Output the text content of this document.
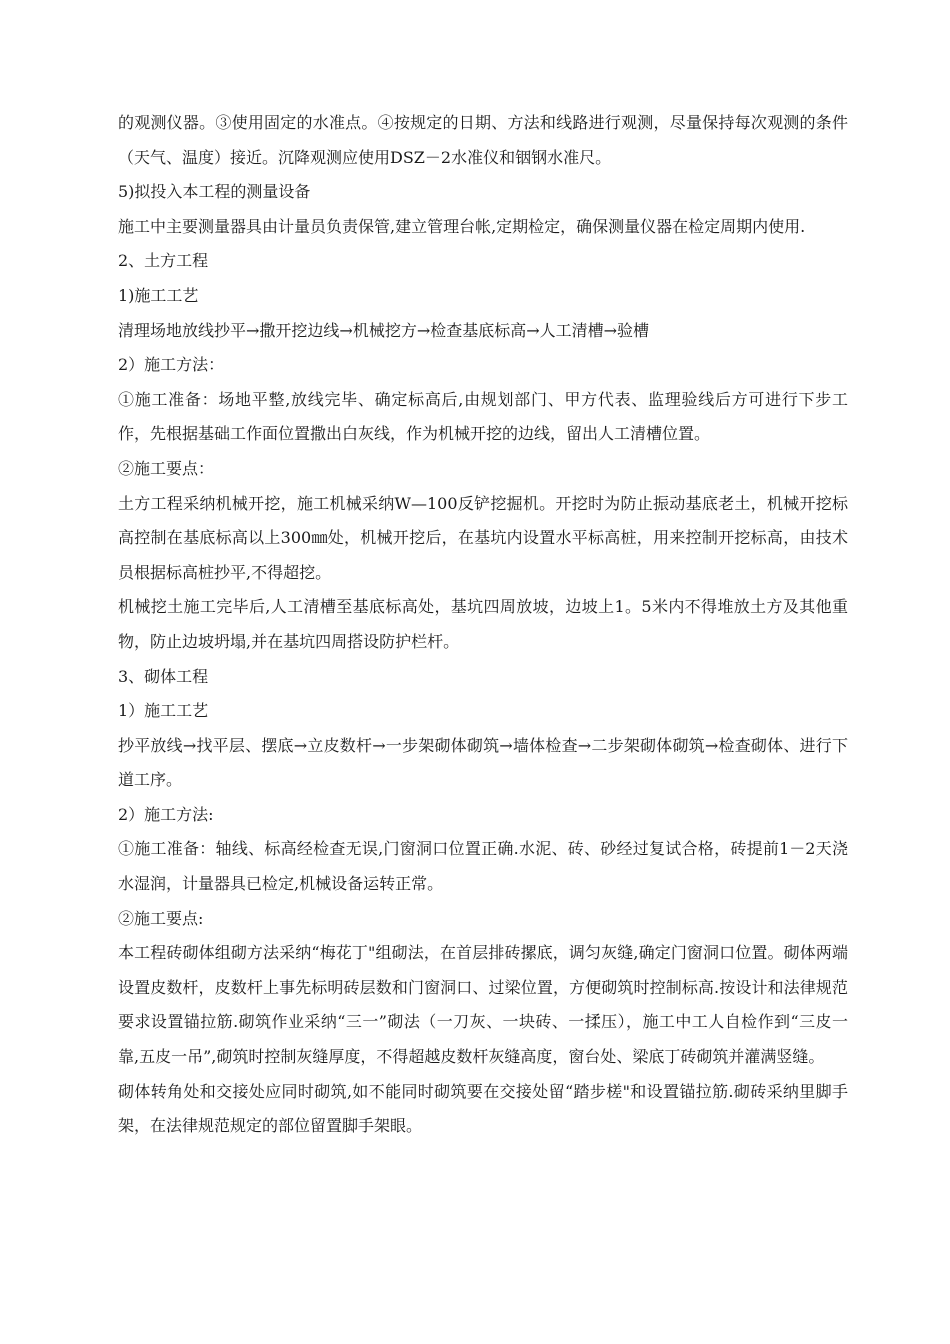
的观测仪器。③使用固定的水准点。④按规定的日期、方法和线路进行观测，尽量保持每次观测的条件（天气、温度）接近。沉降观测应使用DSZ－2水准仪和铟钢水准尺。

5)拟投入本工程的测量设备

施工中主要测量器具由计量员负责保管,建立管理台帐,定期检定，确保测量仪器在检定周期内使用.

2、土方工程

1)施工工艺

清理场地放线抄平→撒开挖边线→机械挖方→检查基底标高→人工清槽→验槽

2）施工方法：

①施工准备：场地平整,放线完毕、确定标高后,由规划部门、甲方代表、监理验线后方可进行下步工作，先根据基础工作面位置撒出白灰线，作为机械开挖的边线，留出人工清槽位置。

②施工要点：

土方工程采纳机械开挖，施工机械采纳W—100反铲挖掘机。开挖时为防止振动基底老土，机械开挖标高控制在基底标高以上300㎜处，机械开挖后，在基坑内设置水平标高桩，用来控制开挖标高，由技术员根据标高桩抄平,不得超挖。

机械挖土施工完毕后,人工清槽至基底标高处，基坑四周放坡，边坡上1。5米内不得堆放土方及其他重物，防止边坡坍塌,并在基坑四周搭设防护栏杆。

3、砌体工程

1）施工工艺

抄平放线→找平层、摆底→立皮数杆→一步架砌体砌筑→墙体检查→二步架砌体砌筑→检查砌体、进行下道工序。

2）施工方法:

①施工准备：轴线、标高经检查无误,门窗洞口位置正确.水泥、砖、砂经过复试合格，砖提前1－2天浇水湿润，计量器具已检定,机械设备运转正常。

②施工要点:

本工程砖砌体组砌方法采纳“梅花丁"组砌法，在首层排砖摞底，调匀灰缝,确定门窗洞口位置。砌体两端设置皮数杆，皮数杆上事先标明砖层数和门窗洞口、过梁位置，方便砌筑时控制标高.按设计和法律规范要求设置锚拉筋.砌筑作业采纳“三一”砌法（一刀灰、一块砖、一揉压），施工中工人自检作到“三皮一靠,五皮一吊”,砌筑时控制灰缝厚度，不得超越皮数杆灰缝高度，窗台处、梁底丁砖砌筑并灌满竖缝。

砌体转角处和交接处应同时砌筑,如不能同时砌筑要在交接处留“踏步槎"和设置锚拉筋.砌砖采纳里脚手架，在法律规范规定的部位留置脚手架眼。
